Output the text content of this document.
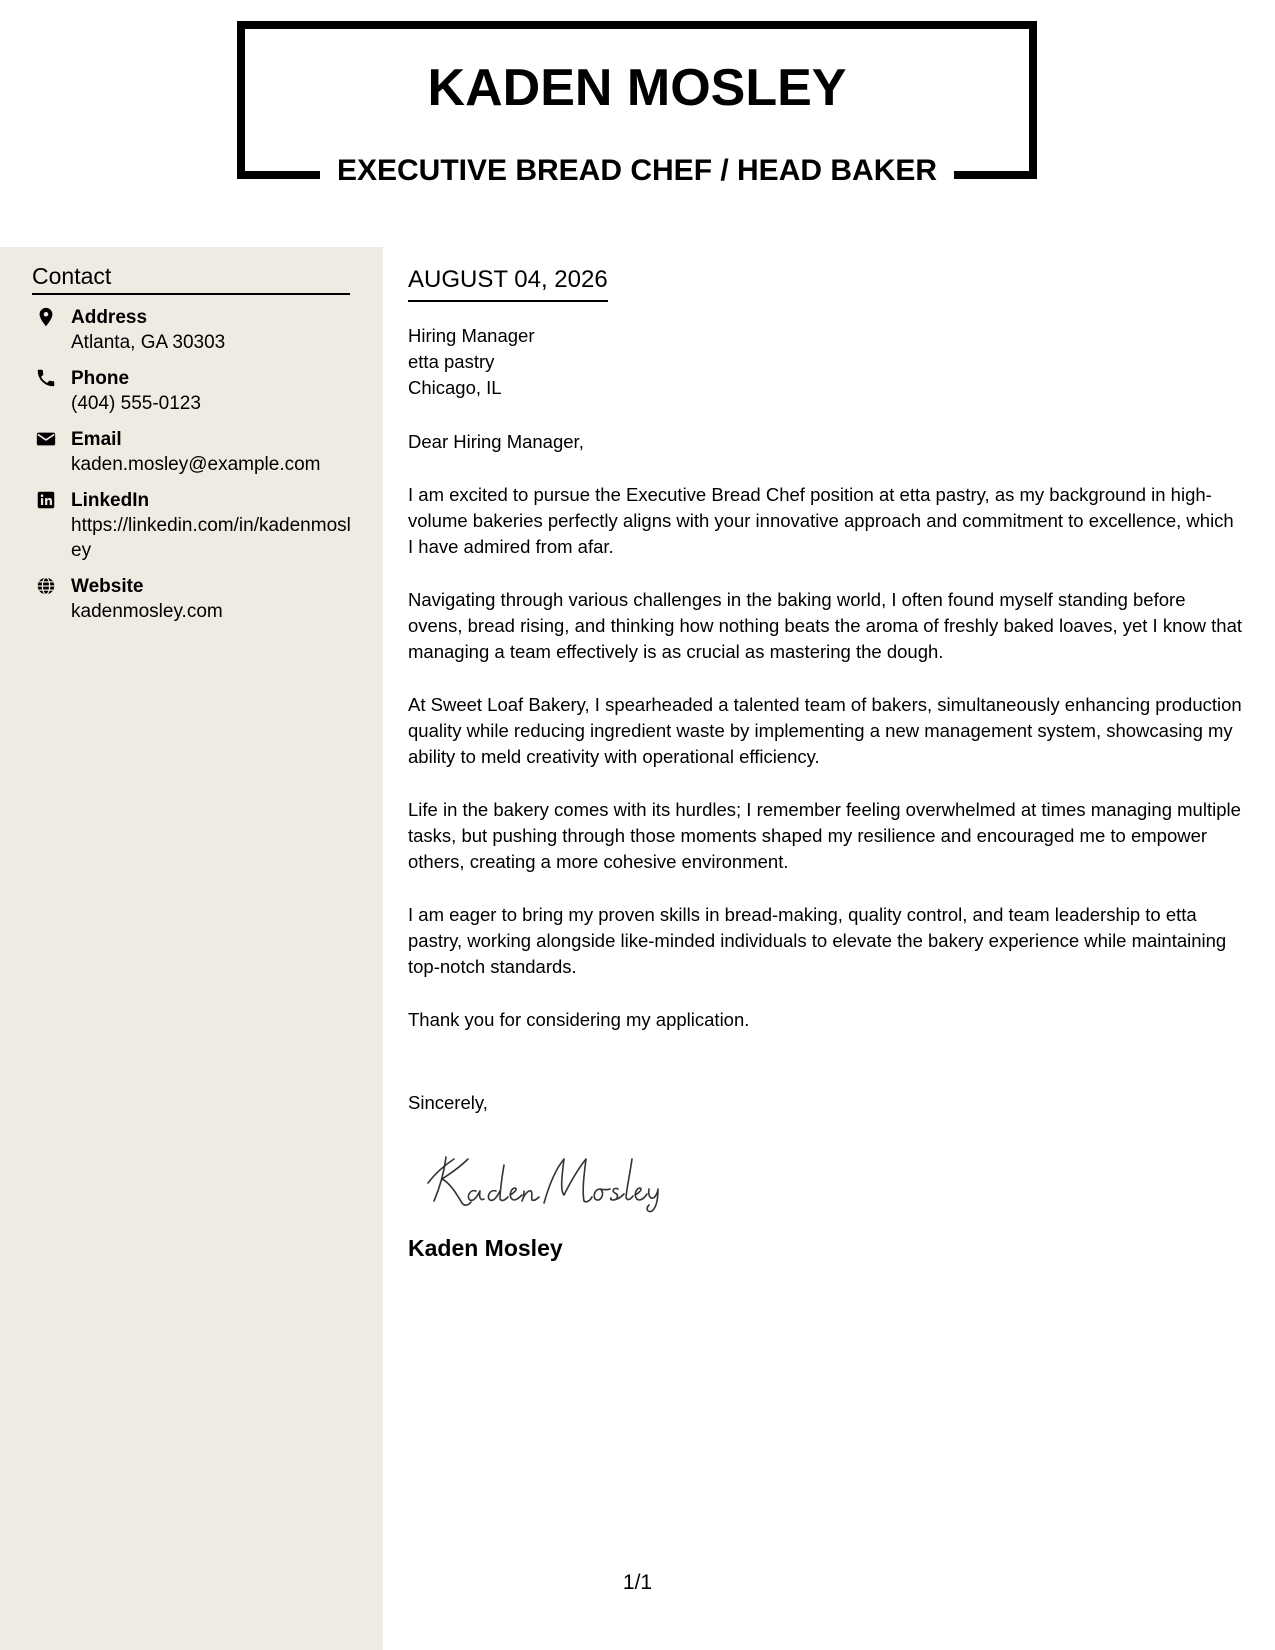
KADEN MOSLEY
EXECUTIVE BREAD CHEF / HEAD BAKER
Contact
Address
Atlanta, GA 30303
Phone
(404) 555-0123
Email
kaden.mosley@example.com
LinkedIn
https://linkedin.com/in/kadenmosley
Website
kadenmosley.com
AUGUST 04, 2026
Hiring Manager
etta pastry
Chicago, IL

Dear Hiring Manager,

I am excited to pursue the Executive Bread Chef position at etta pastry, as my background in high-volume bakeries perfectly aligns with your innovative approach and commitment to excellence, which I have admired from afar.

Navigating through various challenges in the baking world, I often found myself standing before ovens, bread rising, and thinking how nothing beats the aroma of freshly baked loaves, yet I know that managing a team effectively is as crucial as mastering the dough.

At Sweet Loaf Bakery, I spearheaded a talented team of bakers, simultaneously enhancing production quality while reducing ingredient waste by implementing a new management system, showcasing my ability to meld creativity with operational efficiency.

Life in the bakery comes with its hurdles; I remember feeling overwhelmed at times managing multiple tasks, but pushing through those moments shaped my resilience and encouraged me to empower others, creating a more cohesive environment.

I am eager to bring my proven skills in bread-making, quality control, and team leadership to etta pastry, working alongside like-minded individuals to elevate the bakery experience while maintaining top-notch standards.

Thank you for considering my application.

Sincerely,
Kaden Mosley
1/1
